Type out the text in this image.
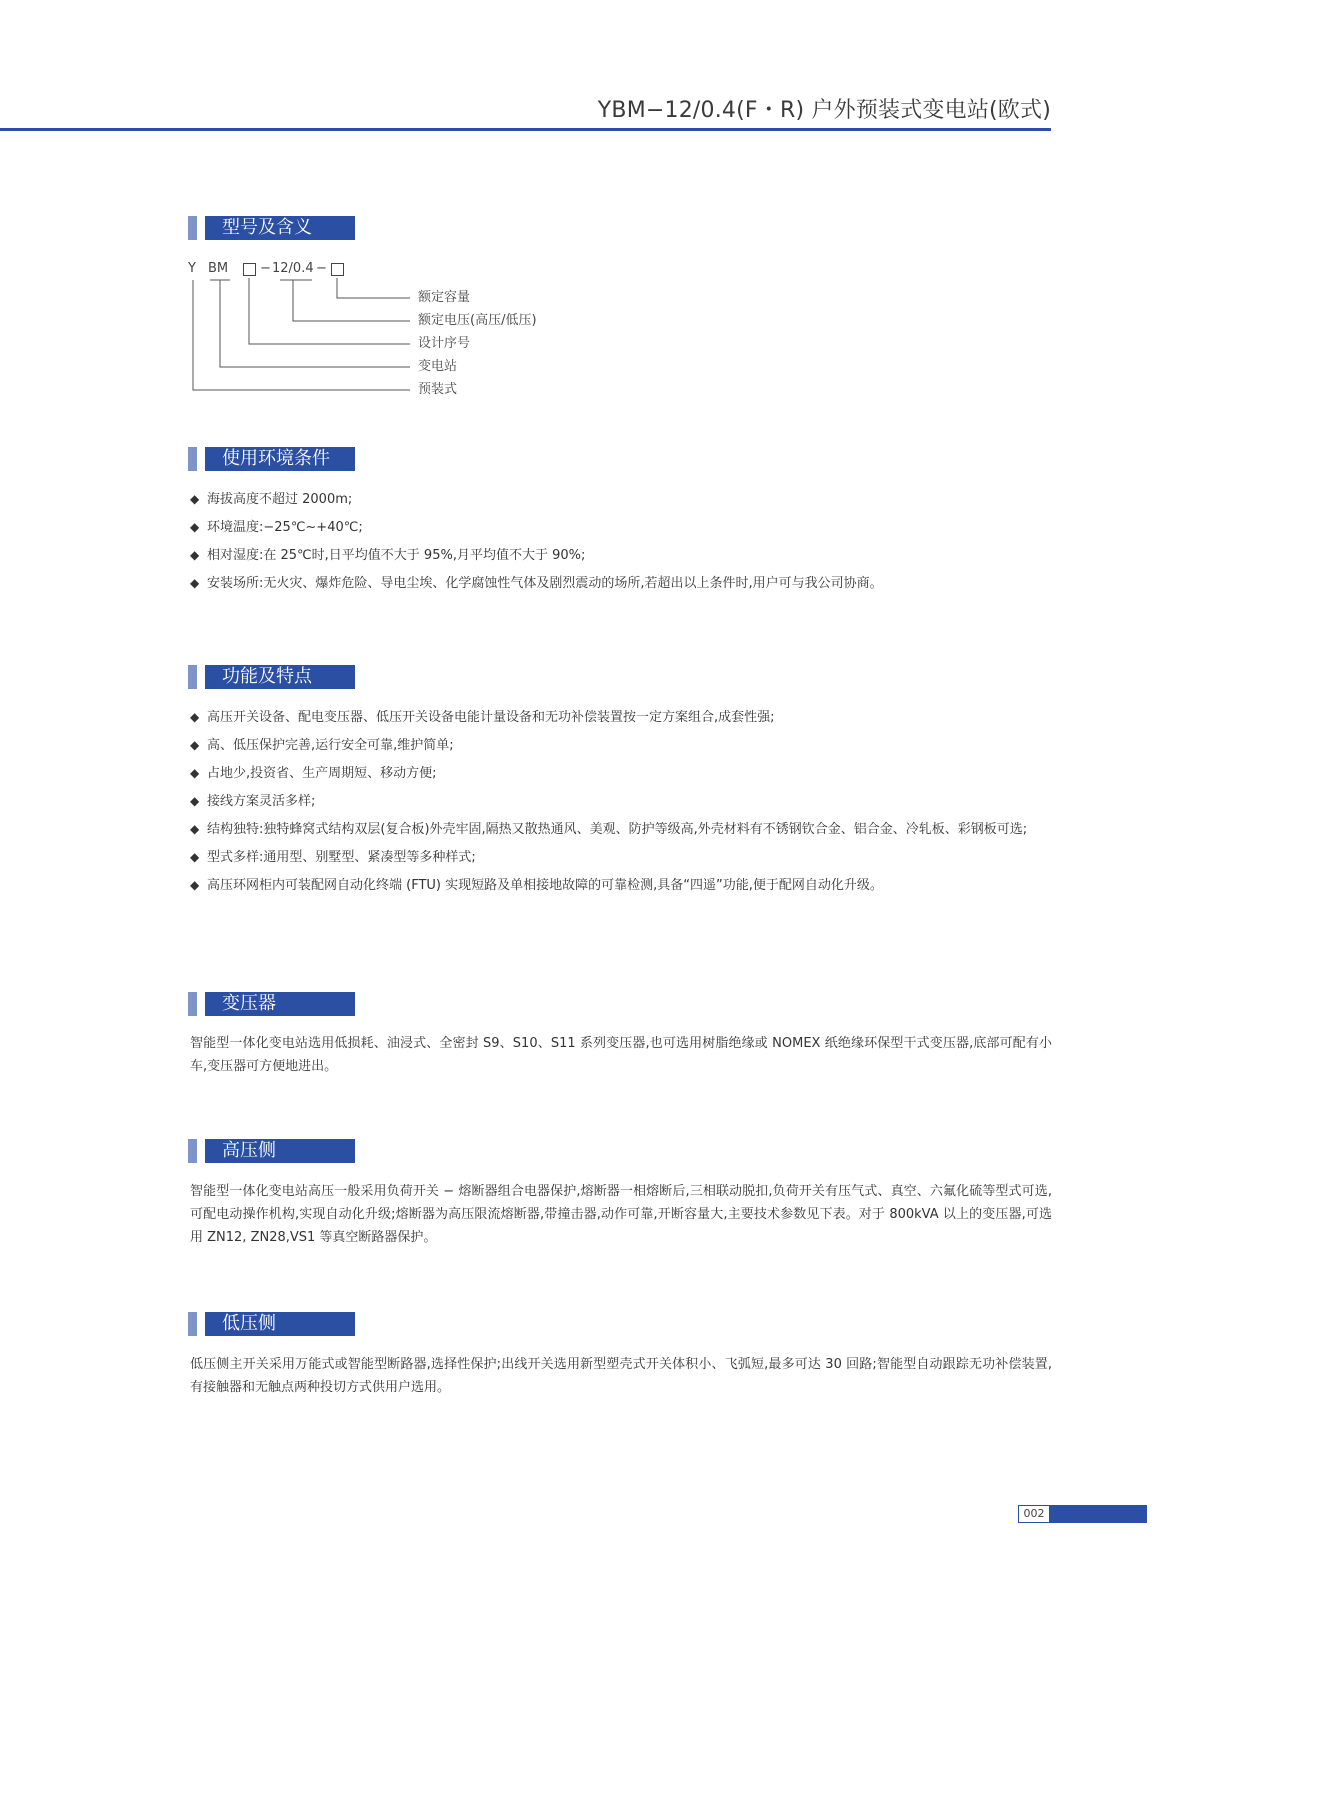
YBM−12/0.4(F・R) 户外预装式变电站(欧式)
型号及含义
Y BM − 12/0.4 −
额定容量
额定电压(高压/低压)
设计序号
变电站
预装式
使用环境条件
◆ 海拔高度不超过 2000m;
◆ 环境温度:−25℃~+40℃;
◆ 相对湿度:在 25℃时,日平均值不大于 95%,月平均值不大于 90%;
◆ 安装场所:无火灾、爆炸危险、导电尘埃、化学腐蚀性气体及剧烈震动的场所,若超出以上条件时,用户可与我公司协商。
功能及特点
◆ 高压开关设备、配电变压器、低压开关设备电能计量设备和无功补偿装置按一定方案组合,成套性强;
◆ 高、低压保护完善,运行安全可靠,维护简单;
◆ 占地少,投资省、生产周期短、移动方便;
◆ 接线方案灵活多样;
◆ 结构独特:独特蜂窝式结构双层(复合板)外壳牢固,隔热又散热通风、美观、防护等级高,外壳材料有不锈钢钦合金、铝合金、冷轧板、彩钢板可选;
◆ 型式多样:通用型、别墅型、紧凑型等多种样式;
◆ 高压环网柜内可装配网自动化终端 (FTU) 实现短路及单相接地故障的可靠检测,具备“四遥”功能,便于配网自动化升级。
变压器

智能型一体化变电站选用低损耗、油浸式、全密封 S9、S10、S11 系列变压器,也可选用树脂绝缘或 NOMEX 纸绝缘环保型干式变压器,底部可配有小车,变压器可方便地进出。

高压侧

智能型一体化变电站高压一般采用负荷开关 − 熔断器组合电器保护,熔断器一相熔断后,三相联动脱扣,负荷开关有压气式、真空、六氟化硫等型式可选,可配电动操作机构,实现自动化升级;熔断器为高压限流熔断器,带撞击器,动作可靠,开断容量大,主要技术参数见下表。对于 800kVA 以上的变压器,可选用 ZN12, ZN28,VS1 等真空断路器保护。

低压侧

低压侧主开关采用万能式或智能型断路器,选择性保护;出线开关选用新型塑壳式开关体积小、飞弧短,最多可达 30 回路;智能型自动跟踪无功补偿装置,有接触器和无触点两种投切方式供用户选用。

002
